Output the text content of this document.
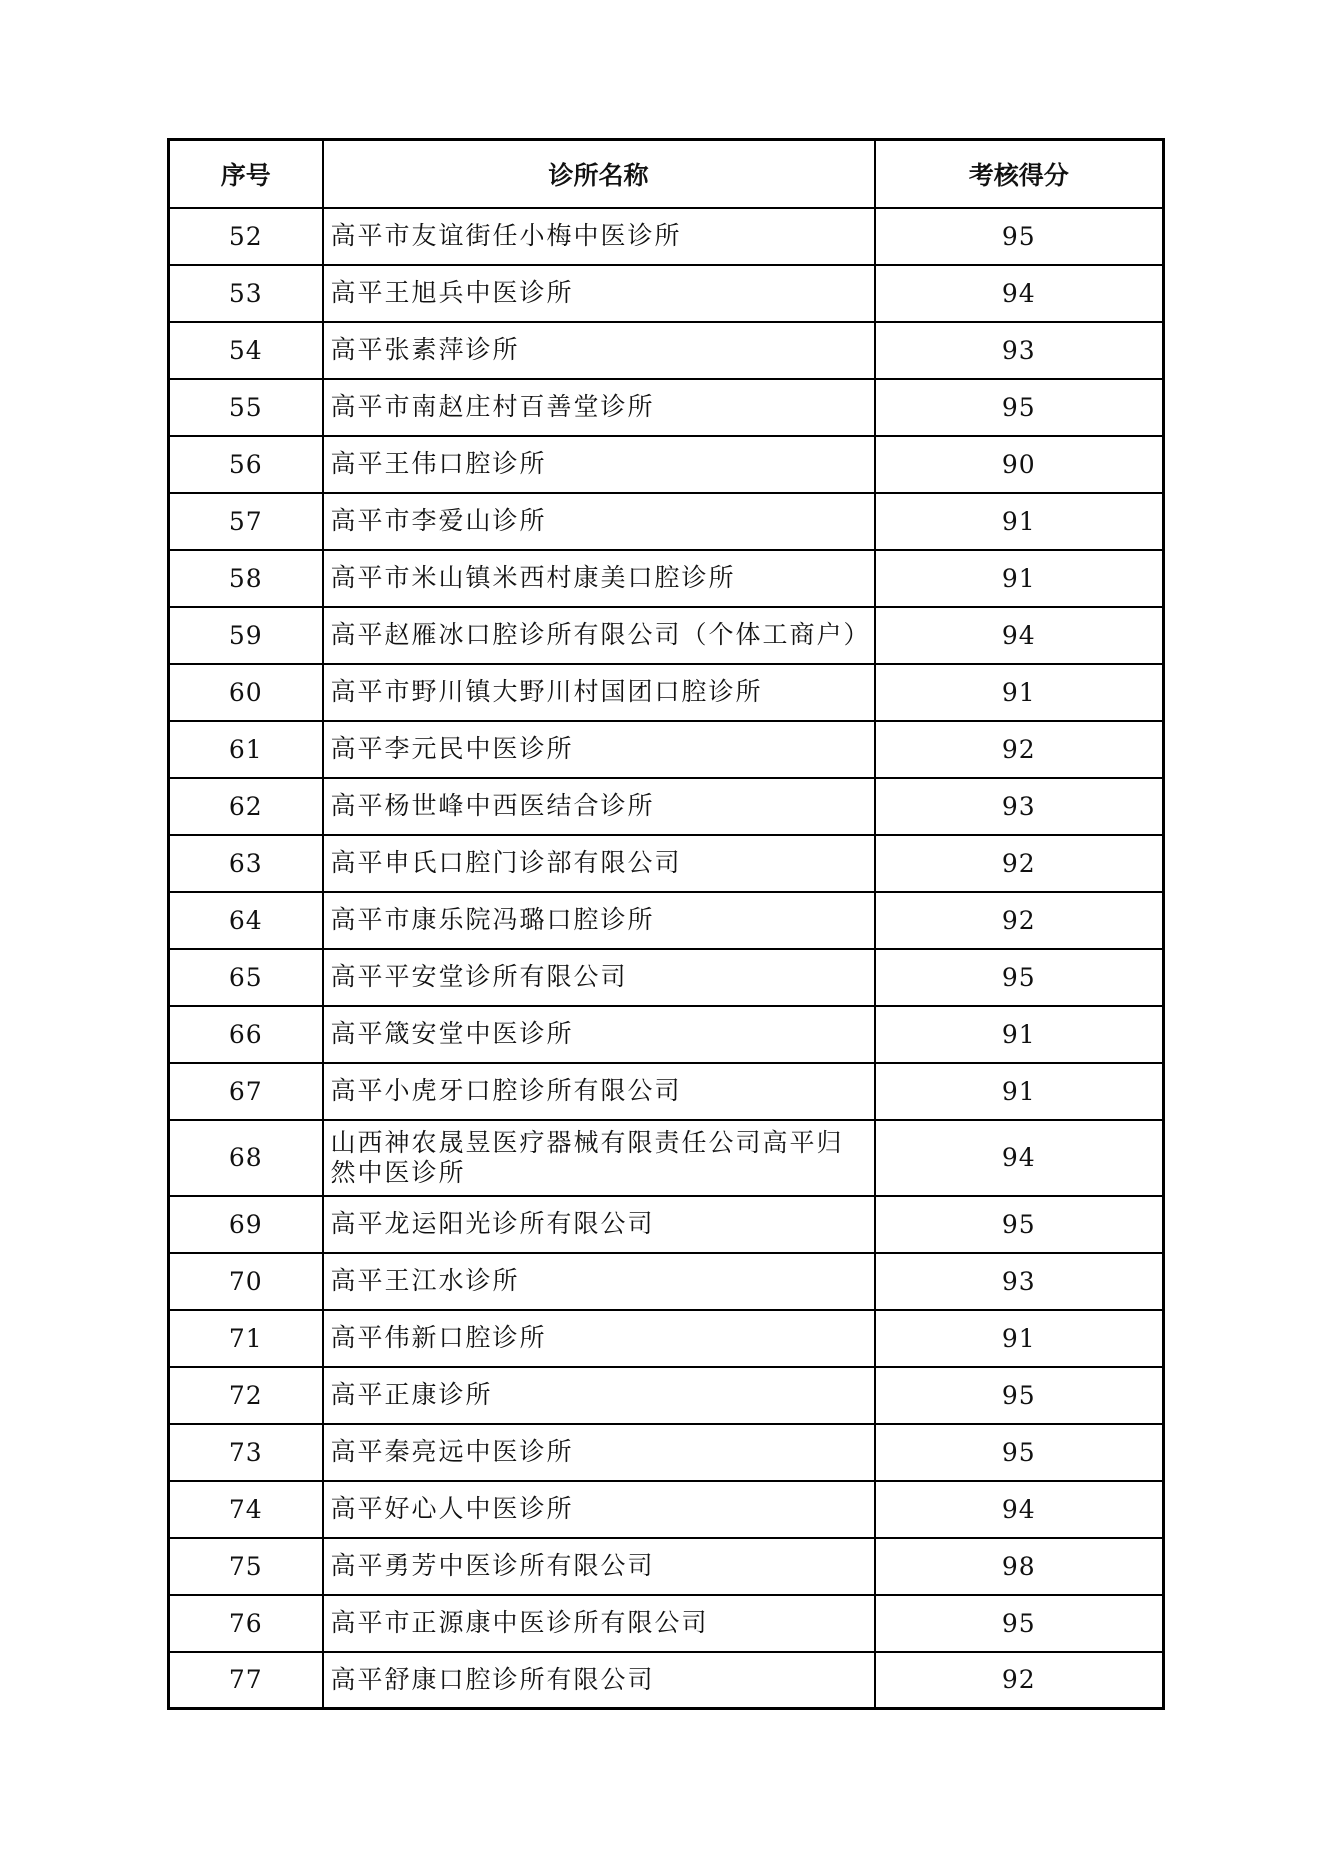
序号	诊所名称	考核得分
52	高平市友谊街任小梅中医诊所	95
53	高平王旭兵中医诊所	94
54	高平张素萍诊所	93
55	高平市南赵庄村百善堂诊所	95
56	高平王伟口腔诊所	90
57	高平市李爱山诊所	91
58	高平市米山镇米西村康美口腔诊所	91
59	高平赵雁冰口腔诊所有限公司（个体工商户）	94
60	高平市野川镇大野川村国团口腔诊所	91
61	高平李元民中医诊所	92
62	高平杨世峰中西医结合诊所	93
63	高平申氏口腔门诊部有限公司	92
64	高平市康乐院冯璐口腔诊所	92
65	高平平安堂诊所有限公司	95
66	高平箴安堂中医诊所	91
67	高平小虎牙口腔诊所有限公司	91
68	山西神农晟昱医疗器械有限责任公司高平归然中医诊所	94
69	高平龙运阳光诊所有限公司	95
70	高平王江水诊所	93
71	高平伟新口腔诊所	91
72	高平正康诊所	95
73	高平秦亮远中医诊所	95
74	高平好心人中医诊所	94
75	高平勇芳中医诊所有限公司	98
76	高平市正源康中医诊所有限公司	95
77	高平舒康口腔诊所有限公司	92
